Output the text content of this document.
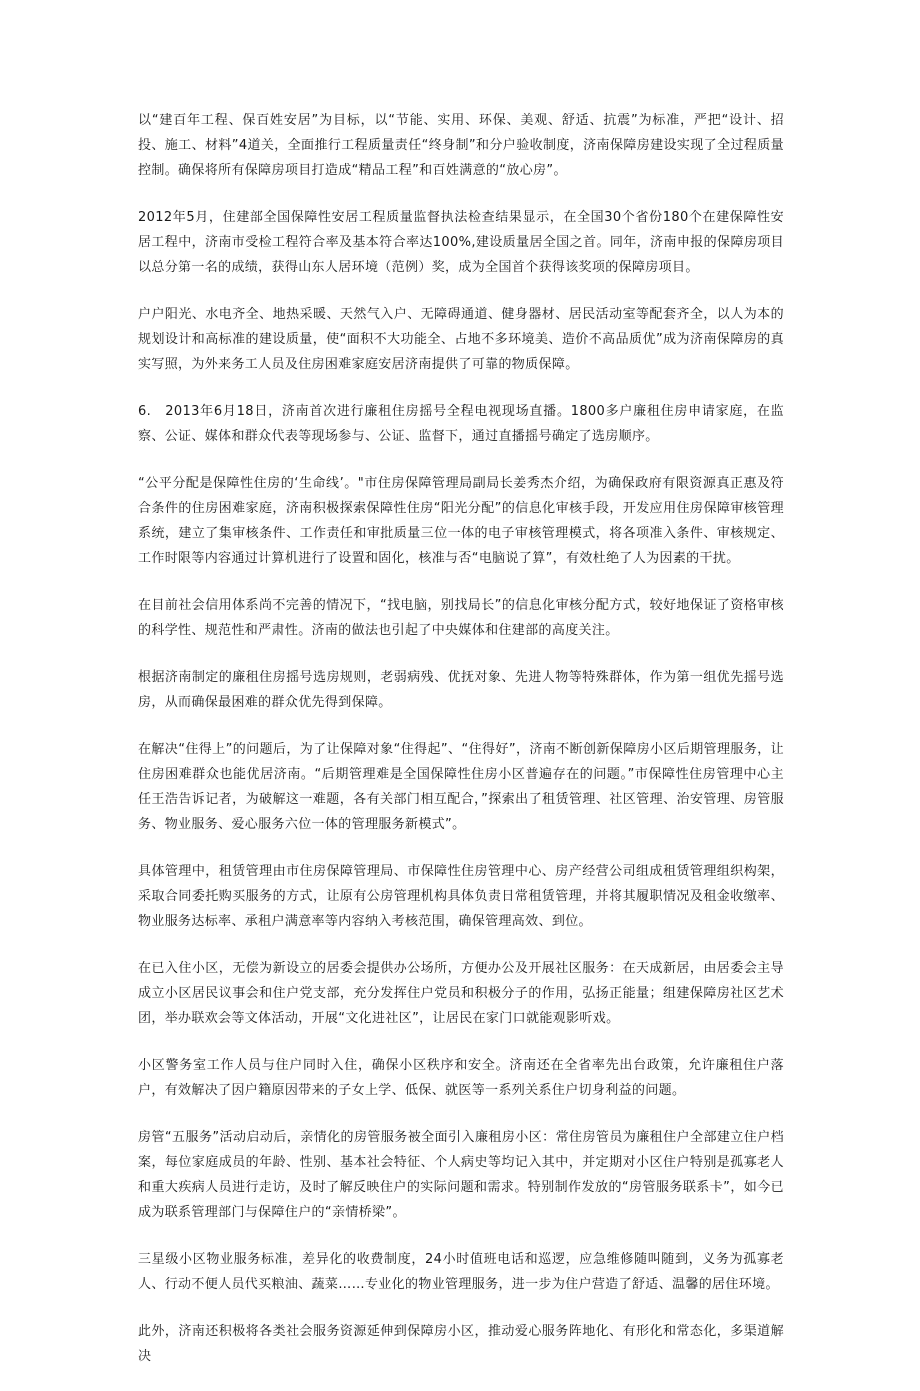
以“建百年工程、保百姓安居”为目标，以“节能、实用、环保、美观、舒适、抗震”为标准，严把“设计、招投、施工、材料”4道关，全面推行工程质量责任“终身制”和分户验收制度，济南保障房建设实现了全过程质量控制。确保将所有保障房项目打造成“精品工程”和百姓满意的“放心房”。

2012年5月，住建部全国保障性安居工程质量监督执法检查结果显示，在全国30个省份180个在建保障性安居工程中，济南市受检工程符合率及基本符合率达100%,建设质量居全国之首。同年，济南申报的保障房项目以总分第一名的成绩，获得山东人居环境（范例）奖，成为全国首个获得该奖项的保障房项目。

户户阳光、水电齐全、地热采暖、天然气入户、无障碍通道、健身器材、居民活动室等配套齐全，以人为本的规划设计和高标准的建设质量，使“面积不大功能全、占地不多环境美、造价不高品质优”成为济南保障房的真实写照，为外来务工人员及住房困难家庭安居济南提供了可靠的物质保障。

6.　2013年6月18日，济南首次进行廉租住房摇号全程电视现场直播。1800多户廉租住房申请家庭，在监察、公证、媒体和群众代表等现场参与、公证、监督下，通过直播摇号确定了选房顺序。

“公平分配是保障性住房的‘生命线’。"市住房保障管理局副局长姜秀杰介绍，为确保政府有限资源真正惠及符合条件的住房困难家庭，济南积极探索保障性住房“阳光分配”的信息化审核手段，开发应用住房保障审核管理系统，建立了集审核条件、工作责任和审批质量三位一体的电子审核管理模式，将各项准入条件、审核规定、工作时限等内容通过计算机进行了设置和固化，核准与否“电脑说了算”，有效杜绝了人为因素的干扰。

在目前社会信用体系尚不完善的情况下，“找电脑，别找局长”的信息化审核分配方式，较好地保证了资格审核的科学性、规范性和严肃性。济南的做法也引起了中央媒体和住建部的高度关注。

根据济南制定的廉租住房摇号选房规则，老弱病残、优抚对象、先进人物等特殊群体，作为第一组优先摇号选房，从而确保最困难的群众优先得到保障。

在解决“住得上”的问题后，为了让保障对象“住得起”、“住得好”，济南不断创新保障房小区后期管理服务，让住房困难群众也能优居济南。“后期管理难是全国保障性住房小区普遍存在的问题。”市保障性住房管理中心主任王浩告诉记者，为破解这一难题，各有关部门相互配合，”探索出了租赁管理、社区管理、治安管理、房管服务、物业服务、爱心服务六位一体的管理服务新模式”。

具体管理中，租赁管理由市住房保障管理局、市保障性住房管理中心、房产经营公司组成租赁管理组织构架，采取合同委托购买服务的方式，让原有公房管理机构具体负责日常租赁管理，并将其履职情况及租金收缴率、物业服务达标率、承租户满意率等内容纳入考核范围，确保管理高效、到位。

在已入住小区，无偿为新设立的居委会提供办公场所，方便办公及开展社区服务：在天成新居，由居委会主导成立小区居民议事会和住户党支部，充分发挥住户党员和积极分子的作用，弘扬正能量；组建保障房社区艺术团，举办联欢会等文体活动，开展“文化进社区”，让居民在家门口就能观影听戏。

小区警务室工作人员与住户同时入住，确保小区秩序和安全。济南还在全省率先出台政策，允许廉租住户落户，有效解决了因户籍原因带来的子女上学、低保、就医等一系列关系住户切身利益的问题。

房管“五服务”活动启动后，亲情化的房管服务被全面引入廉租房小区：常住房管员为廉租住户全部建立住户档案，每位家庭成员的年龄、性别、基本社会特征、个人病史等均记入其中，并定期对小区住户特别是孤寡老人和重大疾病人员进行走访，及时了解反映住户的实际问题和需求。特别制作发放的“房管服务联系卡”，如今已成为联系管理部门与保障住户的“亲情桥梁”。

三星级小区物业服务标准，差异化的收费制度，24小时值班电话和巡逻，应急维修随叫随到，义务为孤寡老人、行动不便人员代买粮油、蔬菜……专业化的物业管理服务，进一步为住户营造了舒适、温馨的居住环境。

此外，济南还积极将各类社会服务资源延伸到保障房小区，推动爱心服务阵地化、有形化和常态化，多渠道解决
